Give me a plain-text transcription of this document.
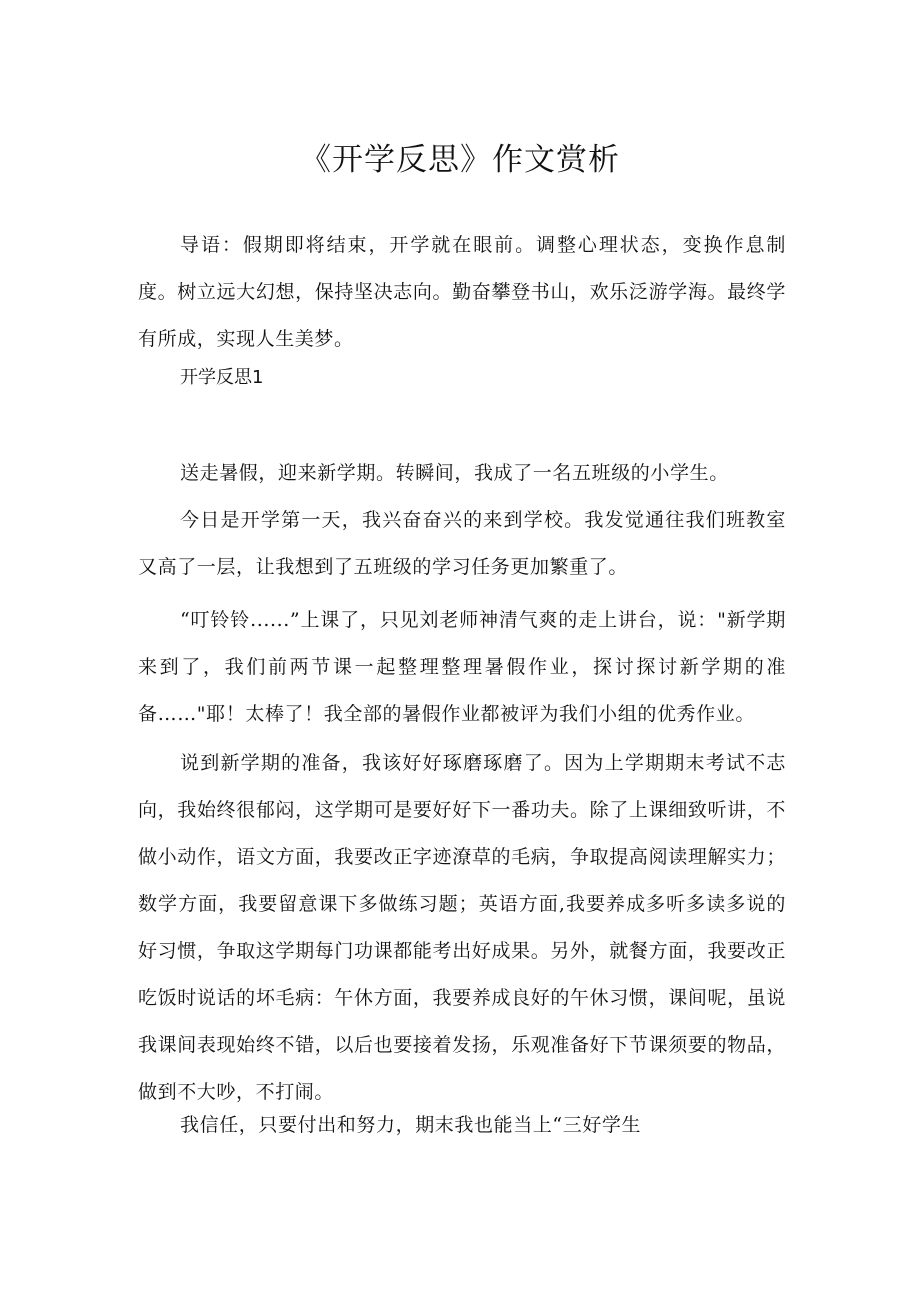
《开学反思》作文赏析

导语：假期即将结束，开学就在眼前。调整心理状态，变换作息制度。树立远大幻想，保持坚决志向。勤奋攀登书山，欢乐泛游学海。最终学有所成，实现人生美梦。

开学反思1

送走暑假，迎来新学期。转瞬间，我成了一名五班级的小学生。

今日是开学第一天，我兴奋奋兴的来到学校。我发觉通往我们班教室又高了一层，让我想到了五班级的学习任务更加繁重了。

“叮铃铃......”上课了，只见刘老师神清气爽的走上讲台，说："新学期来到了，我们前两节课一起整理整理暑假作业，探讨探讨新学期的准备……"耶！太棒了！我全部的暑假作业都被评为我们小组的优秀作业。

说到新学期的准备，我该好好琢磨琢磨了。因为上学期期末考试不志向，我始终很郁闷，这学期可是要好好下一番功夫。除了上课细致听讲，不做小动作，语文方面，我要改正字迹潦草的毛病，争取提高阅读理解实力；数学方面，我要留意课下多做练习题；英语方面,我要养成多听多读多说的好习惯，争取这学期每门功课都能考出好成果。另外，就餐方面，我要改正吃饭时说话的坏毛病：午休方面，我要养成良好的午休习惯，课间呢，虽说我课间表现始终不错，以后也要接着发扬，乐观准备好下节课须要的物品，做到不大吵，不打闹。

我信任，只要付出和努力，期末我也能当上“三好学生
